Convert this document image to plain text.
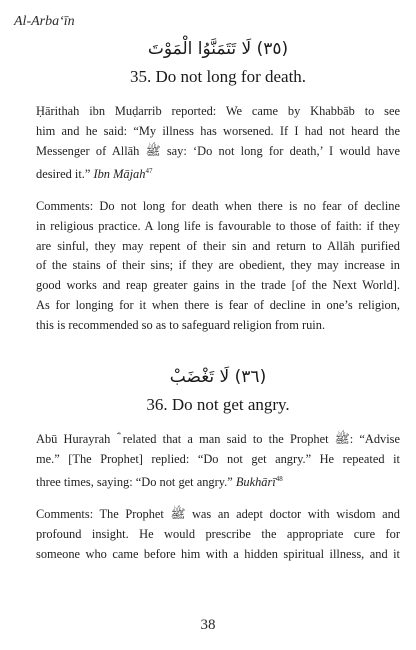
Al-Arba‘īn
(٣٥) لَا تَتَمَنَّوُا الْمَوْتَ
35. Do not long for death.
Ḥārithah ibn Muḍarrib reported: We came by Khabbāb to see
him and he said: “My illness has worsened. If I had not heard the
Messenger of Allāh ﷺ say: ‘Do not long for death,’ I would have
desired it.” Ibn Mājah$^{47}$
Comments: Do not long for death when there is no fear of decline
in religious practice. A long life is favourable to those of faith: if they
are sinful, they may repent of their sin and return to Allāh purified
of the stains of their sins; if they are obedient, they may increase in
good works and reap greater gains in the trade [of the Next World].
As for longing for it when there is fear of decline in one’s religion,
this is recommended so as to safeguard religion from ruin.
(٣٦) لَا تَغْضَبْ
36. Do not get angry.
Abū Hurayrah ؓ related that a man said to the Prophet ﷺ: “Advise
me.” [The Prophet] replied: “Do not get angry.” He repeated it
three times, saying: “Do not get angry.” Bukhārī$^{48}$
Comments: The Prophet ﷺ was an adept doctor with wisdom and
profound insight. He would prescribe the appropriate cure for
someone who came before him with a hidden spiritual illness, and it
38
